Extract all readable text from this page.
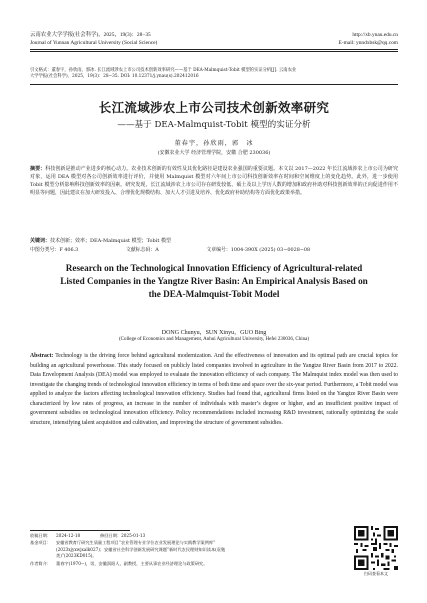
云南农业大学学报(社会科学)，2025，19(3)：28−35	http://xb.ynau.edu.cn
Journal of Yunnan Agricultural University (Social Science)	E-mail: ynndxbsk@qq.com
引文格式：董春宇，孙欣雨，郭冰. 长江流域涉农上市公司技术创新效率研究——基于 DEA-Malmquist-Tobit 模型的实证分析[J]. 云南农业
大学学报(社会科学)，2025，19(3)：28−35. DOI: 10.12371/j.ynau(s).202412016
长江流域涉农上市公司技术创新效率研究
——基于 DEA-Malmquist-Tobit 模型的实证分析
董春宇，孙欣雨，郭　冰
(安徽农业大学 经济管理学院，安徽 合肥 230036)
摘要：科技创新是推动产业进步的核心动力。农业技术创新的有效性及其优化路径是建设农业强国的重要议题。本文以 2017—2022 年长江流域涉农上市公司为研究对象，运用 DEA 模型对各公司创新效率进行评价，并使用 Malmquist 模型对六年间上市公司科技创新效率在时间和空间维度上的变化趋势。此外，进一步使用 Tobit 模型分析影响科技创新效率的因素。研究发现，长江流域涉农上市公司存在研发较低、硕士及以上学历人数的增加和政府补助对科技创新效率的正向促进作用不明显等问题，因此建议在加大研发投入、合理优化规模结构、加大人才引进及培养、优化政府补助结构等方面优化政策举措。
关键词：技术创新；效率；DEA-Malmquist 模型；Tobit 模型
中图分类号：F 406.3	文献标志码：A	文章编号：1004-390X (2025) 03−0028−08
Research on the Technological Innovation Efficiency of Agricultural-related Listed Companies in the Yangtze River Basin: An Empirical Analysis Based on the DEA-Malmquist-Tobit Model
DONG Chunyu，SUN Xinyu，GUO Bing
(College of Economics and Management, Anhui Agricultural University, Hefei 230036, China)
Abstract: Technology is the driving force behind agricultural modernization. And the effectiveness of innovation and its optimal path are crucial topics for building an agricultural powerhouse. This study focused on publicly listed companies involved in agriculture in the Yangtze River Basin from 2017 to 2022. Data Envelopment Analysis (DEA) model was employed to evaluate the innovation efficiency of each company. The Malmquist index model was then used to investigate the changing trends of technological innovation efficiency in terms of both time and space over the six-year period. Furthermore, a Tobit model was applied to analyze the factors affecting technological innovation efficiency. Studies had found that, agricultural firms listed on the Yangtze River Basin were characterized by low rates of progress, an increase in the number of individuals with master’s degree or higher, and an insufficient positive impact of government subsidies on technological innovation efficiency. Policy recommendations included increasing R&D investment, rationally optimizing the scale structure, intensifying talent acquisition and cultivation, and improving the structure of government subsidies.
收稿日期： 2024-12-18	修回日期：2025-01-13
基金项目： 安徽省教育厅研究生质量工程项目“农业管理专业学位农业发展理论与实践教学案例库”
(2023xjyxwjxalk027)；安徽省社会科学创新发展研究课题“新时代农民理财知识读本(袁勉
类)”(2023KD015)。
作者简介： 董春宇(1970−)，男，安徽涡阳人，副教授，主要从事农业经济理论与政策研究。
扫码查看本文
